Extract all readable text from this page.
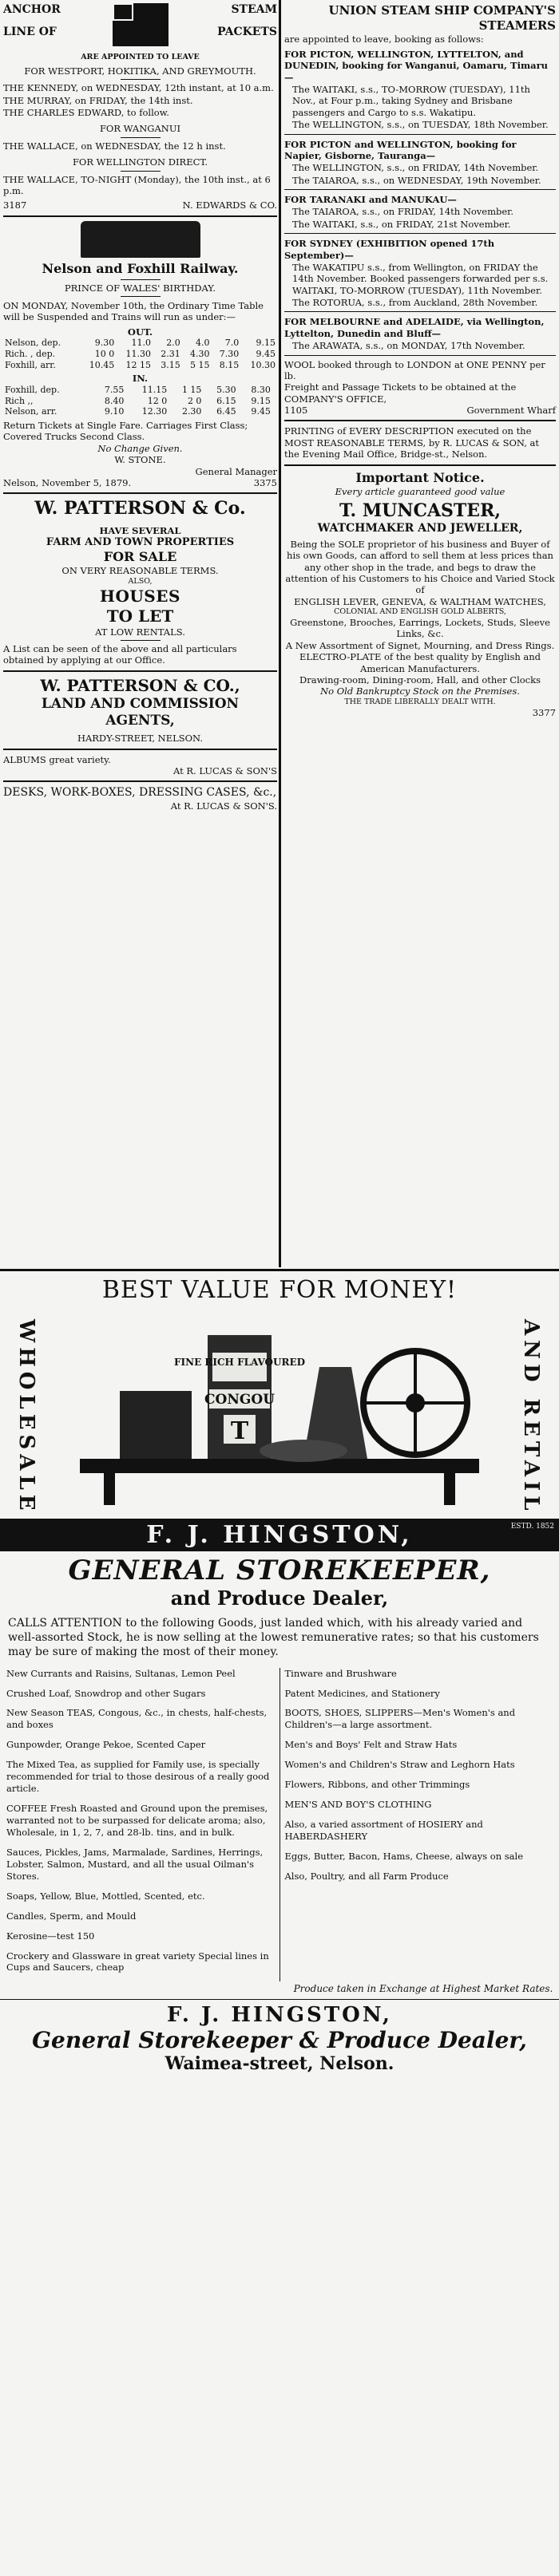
ANCHOR
LINE OF
STEAM
PACKETS
ARE APPOINTED TO LEAVE
FOR WESTPORT, HOKITIKA, AND GREYMOUTH.
THE KENNEDY, on WEDNESDAY, 12th instant, at 10 a.m.
THE MURRAY, on FRIDAY, the 14th inst.
THE CHARLES EDWARD, to follow.
FOR WANGANUI
THE WALLACE, on WEDNESDAY, the 12 h inst.
FOR WELLINGTON DIRECT.
THE WALLACE, TO-NIGHT (Monday), the 10th inst., at 6 p.m.
3187	N. EDWARDS & CO.
Nelson and Foxhill Railway.
PRINCE OF WALES' BIRTHDAY.
ON MONDAY, November 10th, the Ordinary Time Table will be Suspended and Trains will run as under:—
OUT.
Nelson, dep.	9.30	11.0	2.0	4.0	7.0	9.15
Rich. , dep.	10 0	11.30	2.31	4.30	7.30	9.45
Foxhill, arr.	10.45	12 15	3.15	5 15	8.15	10.30
IN.
Foxhill, dep.	7.55	11.15	1 15	5.30	8.30	
Rich ,,	8.40	12 0	2 0	6.15	9.15	
Nelson, arr.	9.10	12.30	2.30	6.45	9.45	
Return Tickets at Single Fare. Carriages First Class; Covered Trucks Second Class.
No Change Given.
W. STONE.
General Manager
Nelson, November 5, 1879.	3375
W. PATTERSON & Co.
HAVE SEVERAL
FARM AND TOWN PROPERTIES
FOR SALE
ON VERY REASONABLE TERMS.
ALSO,
HOUSES
TO LET
AT LOW RENTALS.
A List can be seen of the above and all particulars obtained by applying at our Office.
W. PATTERSON & CO.,
LAND AND COMMISSION
AGENTS,
HARDY-STREET, NELSON.
ALBUMS great variety.
At R. LUCAS & SON'S
DESKS, WORK-BOXES, DRESSING CASES, &c.,
At R. LUCAS & SON'S.
UNION STEAM SHIP COMPANY'S STEAMERS
are appointed to leave, booking as follows:
FOR PICTON, WELLINGTON, LYTTELTON, and DUNEDIN, booking for Wanganui, Oamaru, Timaru—
The WAITAKI, s.s., TO-MORROW (TUESDAY), 11th Nov., at Four p.m., taking Sydney and Brisbane passengers and Cargo to s.s. Wakatipu.
The WELLINGTON, s.s., on TUESDAY, 18th November.
FOR PICTON and WELLINGTON, booking for Napier, Gisborne, Tauranga—
The WELLINGTON, s.s., on FRIDAY, 14th November.
The TAIAROA, s.s., on WEDNESDAY, 19th November.
FOR TARANAKI and MANUKAU—
The TAIAROA, s.s., on FRIDAY, 14th November.
The WAITAKI, s.s., on FRIDAY, 21st November.
FOR SYDNEY (EXHIBITION opened 17th September)—
The WAKATIPU s.s., from Wellington, on FRIDAY the 14th November. Booked passengers forwarded per s.s. WAITAKI, TO-MORROW (TUESDAY), 11th November.
The ROTORUA, s.s., from Auckland, 28th November.
FOR MELBOURNE and ADELAIDE, via Wellington, Lyttelton, Dunedin and Bluff—
The ARAWATA, s.s., on MONDAY, 17th November.
WOOL booked through to LONDON at ONE PENNY per lb.
Freight and Passage Tickets to be obtained at the COMPANY'S OFFICE,
1105	Government Wharf
PRINTING of EVERY DESCRIPTION executed on the MOST REASONABLE TERMS, by R. LUCAS & SON, at the Evening Mail Office, Bridge-st., Nelson.
Important Notice.
Every article guaranteed good value
T. MUNCASTER,
WATCHMAKER AND JEWELLER,
Being the SOLE proprietor of his business and Buyer of his own Goods, can afford to sell them at less prices than any other shop in the trade, and begs to draw the attention of his Customers to his Choice and Varied Stock of
ENGLISH LEVER, GENEVA, & WALTHAM WATCHES,
COLONIAL AND ENGLISH GOLD ALBERTS,
Greenstone, Brooches, Earrings, Lockets, Studs, Sleeve Links, &c.
A New Assortment of Signet, Mourning, and Dress Rings.
ELECTRO-PLATE of the best quality by English and American Manufacturers.
Drawing-room, Dining-room, Hall, and other Clocks
No Old Bankruptcy Stock on the Premises.
THE TRADE LIBERALLY DEALT WITH.
3377
BEST VALUE FOR MONEY!
WHOLESALE	AND RETAIL
FINE RICH FLAVOURED
CONGOU
T
F. J. HINGSTON,	ESTD. 1852
GENERAL STOREKEEPER,
and Produce Dealer,
CALLS ATTENTION to the following Goods, just landed which, with his already varied and well-assorted Stock, he is now selling at the lowest remunerative rates; so that his customers may be sure of making the most of their money.

New Currants and Raisins, Sultanas, Lemon Peel

Crushed Loaf, Snowdrop and other Sugars

New Season TEAS, Congous, &c., in chests, half-chests, and boxes

Gunpowder, Orange Pekoe, Scented Caper

The Mixed Tea, as supplied for Family use, is specially recommended for trial to those desirous of a really good article.

COFFEE Fresh Roasted and Ground upon the premises, warranted not to be surpassed for delicate aroma; also, Wholesale, in 1, 2, 7, and 28-lb. tins, and in bulk.

Sauces, Pickles, Jams, Marmalade, Sardines, Herrings, Lobster, Salmon, Mustard, and all the usual Oilman's Stores.

Soaps, Yellow, Blue, Mottled, Scented, etc.

Candles, Sperm, and Mould

Kerosine—test 150

Crockery and Glassware in great variety Special lines in Cups and Saucers, cheap

Tinware and Brushware

Patent Medicines, and Stationery

BOOTS, SHOES, SLIPPERS—Men's Women's and Children's—a large assortment.

Men's and Boys' Felt and Straw Hats

Women's and Children's Straw and Leghorn Hats

Flowers, Ribbons, and other Trimmings

MEN'S AND BOY'S CLOTHING

Also, a varied assortment of HOSIERY and HABERDASHERY

Eggs, Butter, Bacon, Hams, Cheese, always on sale

Also, Poultry, and all Farm Produce

Produce taken in Exchange at Highest Market Rates.
F. J. HINGSTON,
General Storekeeper & Produce Dealer,
Waimea-street, Nelson.
